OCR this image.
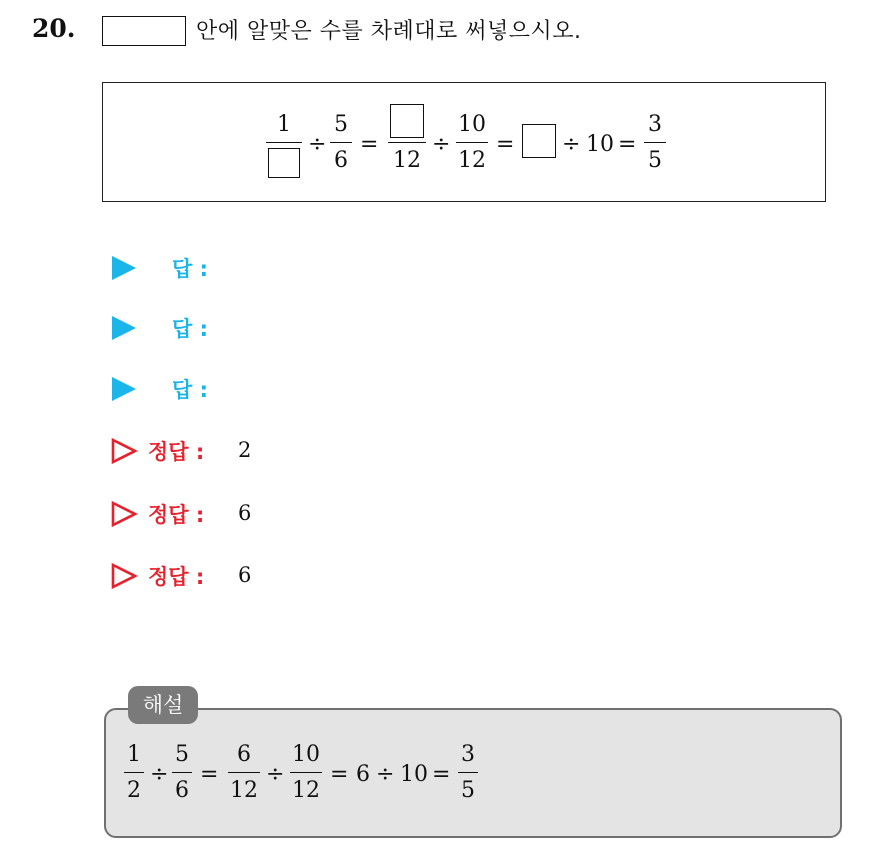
20.	안에 알맞은 수를 차례대로 써넣으시오.
1
÷
5
6
=
12
÷
10
12
= ÷ 10 =
3
5
답 :
답 :
답 :
정답 : 2
정답 : 6
정답 : 6
해설
1
2
÷
5
6
=
6
12
÷
10
12
= 6 ÷ 10 =
3
5
